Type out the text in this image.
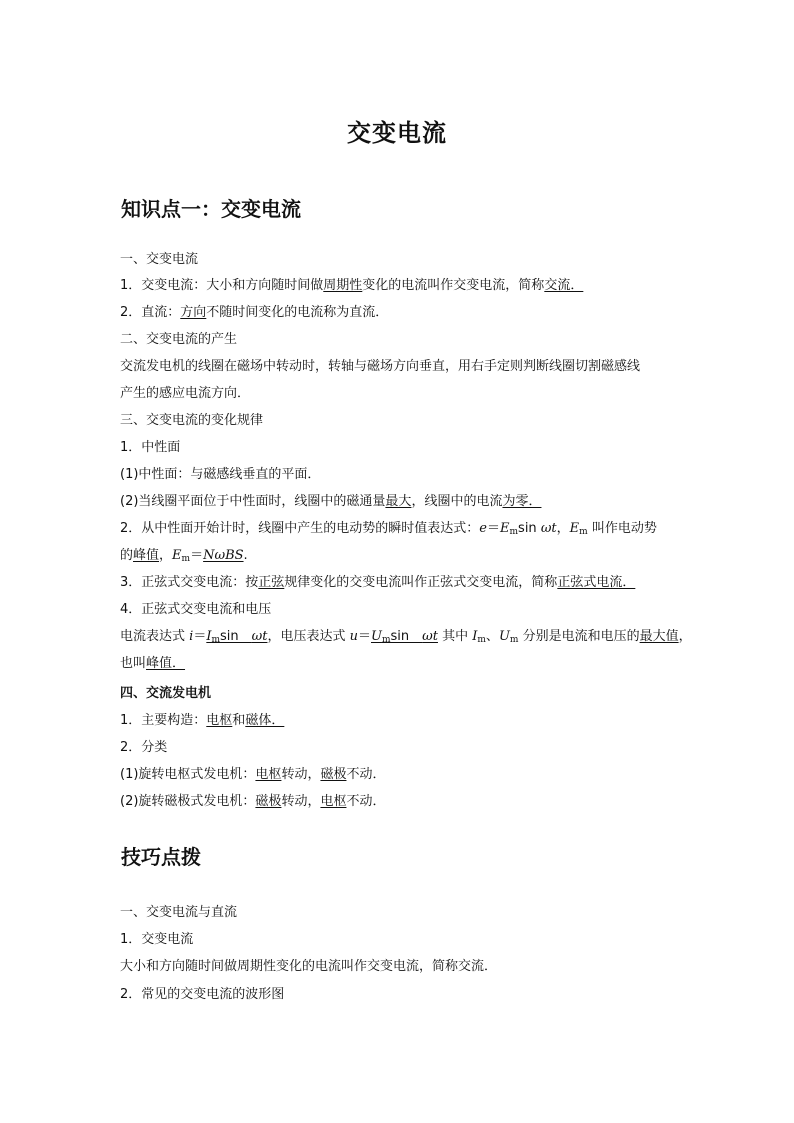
交变电流
知识点一：交变电流
一、交变电流
1．交变电流：大小和方向随时间做周期性变化的电流叫作交变电流，简称交流．
2．直流：方向不随时间变化的电流称为直流．
二、交变电流的产生
交流发电机的线圈在磁场中转动时，转轴与磁场方向垂直，用右手定则判断线圈切割磁感线
产生的感应电流方向．
三、交变电流的变化规律
1．中性面
(1)中性面：与磁感线垂直的平面．
(2)当线圈平面位于中性面时，线圈中的磁通量最大，线圈中的电流为零．
2．从中性面开始计时，线圈中产生的电动势的瞬时值表达式：$e=E_m\sin$ ωt，$E_m$ 叫作电动势
的峰值，$E_m=N\omega BS$.
3．正弦式交变电流：按正弦规律变化的交变电流叫作正弦式交变电流，简称正弦式电流．
4．正弦式交变电流和电压
电流表达式 $i=I_m\sin$　ωt，电压表达式 $u=U_m\sin$　ωt 其中 $I_m$、$U_m$ 分别是电流和电压的最大值，
也叫峰值．
四、交流发电机
1．主要构造：电枢和磁体．
2．分类
(1)旋转电枢式发电机：电枢转动，磁极不动．
(2)旋转磁极式发电机：磁极转动，电枢不动．
技巧点拨
一、交变电流与直流
1．交变电流
大小和方向随时间做周期性变化的电流叫作交变电流，简称交流．
2．常见的交变电流的波形图
